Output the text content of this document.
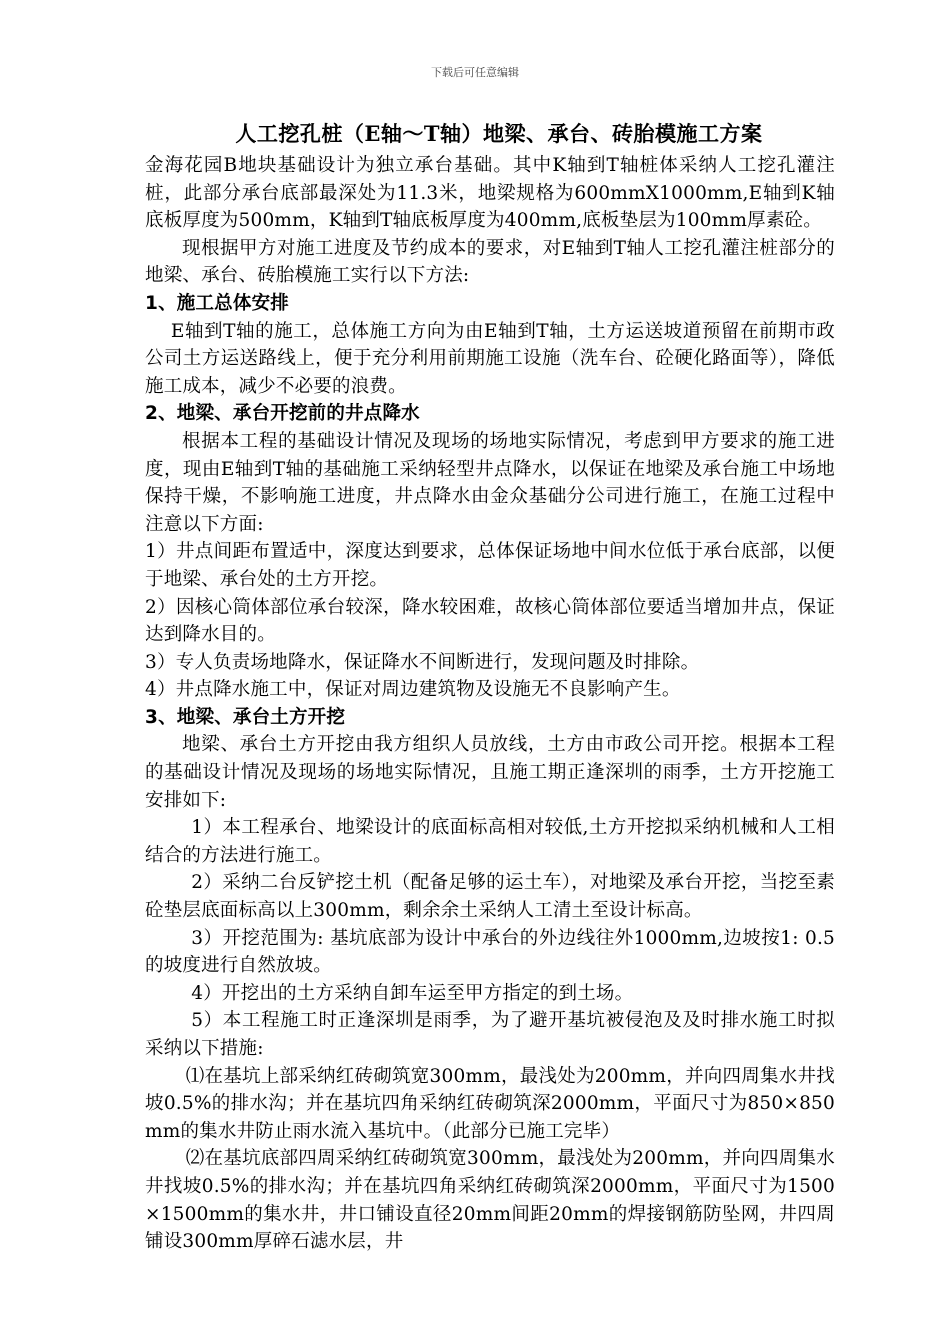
下载后可任意编辑
人工挖孔桩（E轴～T轴）地梁、承台、砖胎模施工方案

金海花园B地块基础设计为独立承台基础。其中K轴到T轴桩体采纳人工挖孔灌注桩，此部分承台底部最深处为11.3米，地梁规格为600mmX1000mm,E轴到K轴底板厚度为500mm，K轴到T轴底板厚度为400mm,底板垫层为100mm厚素砼。

现根据甲方对施工进度及节约成本的要求，对E轴到T轴人工挖孔灌注桩部分的地梁、承台、砖胎模施工实行以下方法:

1、施工总体安排

E轴到T轴的施工，总体施工方向为由E轴到T轴，土方运送坡道预留在前期市政公司土方运送路线上，便于充分利用前期施工设施（洗车台、砼硬化路面等），降低施工成本，减少不必要的浪费。

2、地梁、承台开挖前的井点降水

根据本工程的基础设计情况及现场的场地实际情况，考虑到甲方要求的施工进度，现由E轴到T轴的基础施工采纳轻型井点降水，以保证在地梁及承台施工中场地保持干燥，不影响施工进度，井点降水由金众基础分公司进行施工，在施工过程中注意以下方面:

1）井点间距布置适中，深度达到要求，总体保证场地中间水位低于承台底部，以便于地梁、承台处的土方开挖。

2）因核心筒体部位承台较深，降水较困难，故核心筒体部位要适当增加井点，保证达到降水目的。

3）专人负责场地降水，保证降水不间断进行，发现问题及时排除。

4）井点降水施工中，保证对周边建筑物及设施无不良影响产生。

3、地梁、承台土方开挖

地梁、承台土方开挖由我方组织人员放线，土方由市政公司开挖。根据本工程的基础设计情况及现场的场地实际情况，且施工期正逢深圳的雨季，土方开挖施工安排如下:

1）本工程承台、地梁设计的底面标高相对较低,土方开挖拟采纳机械和人工相结合的方法进行施工。

2）采纳二台反铲挖土机（配备足够的运土车），对地梁及承台开挖，当挖至素砼垫层底面标高以上300mm，剩余余土采纳人工清土至设计标高。

3）开挖范围为: 基坑底部为设计中承台的外边线往外1000mm,边坡按1: 0.5的坡度进行自然放坡。

4）开挖出的土方采纳自卸车运至甲方指定的到土场。

5）本工程施工时正逢深圳是雨季，为了避开基坑被侵泡及及时排水施工时拟采纳以下措施:

⑴在基坑上部采纳红砖砌筑宽300mm，最浅处为200mm，并向四周集水井找坡0.5%的排水沟；并在基坑四角采纳红砖砌筑深2000mm，平面尺寸为850×850mm的集水井防止雨水流入基坑中。（此部分已施工完毕）

⑵在基坑底部四周采纳红砖砌筑宽300mm，最浅处为200mm，并向四周集水井找坡0.5%的排水沟；并在基坑四角采纳红砖砌筑深2000mm，平面尺寸为1500×1500mm的集水井，井口铺设直径20mm间距20mm的焊接钢筋防坠网，井四周铺设300mm厚碎石滤水层，井
